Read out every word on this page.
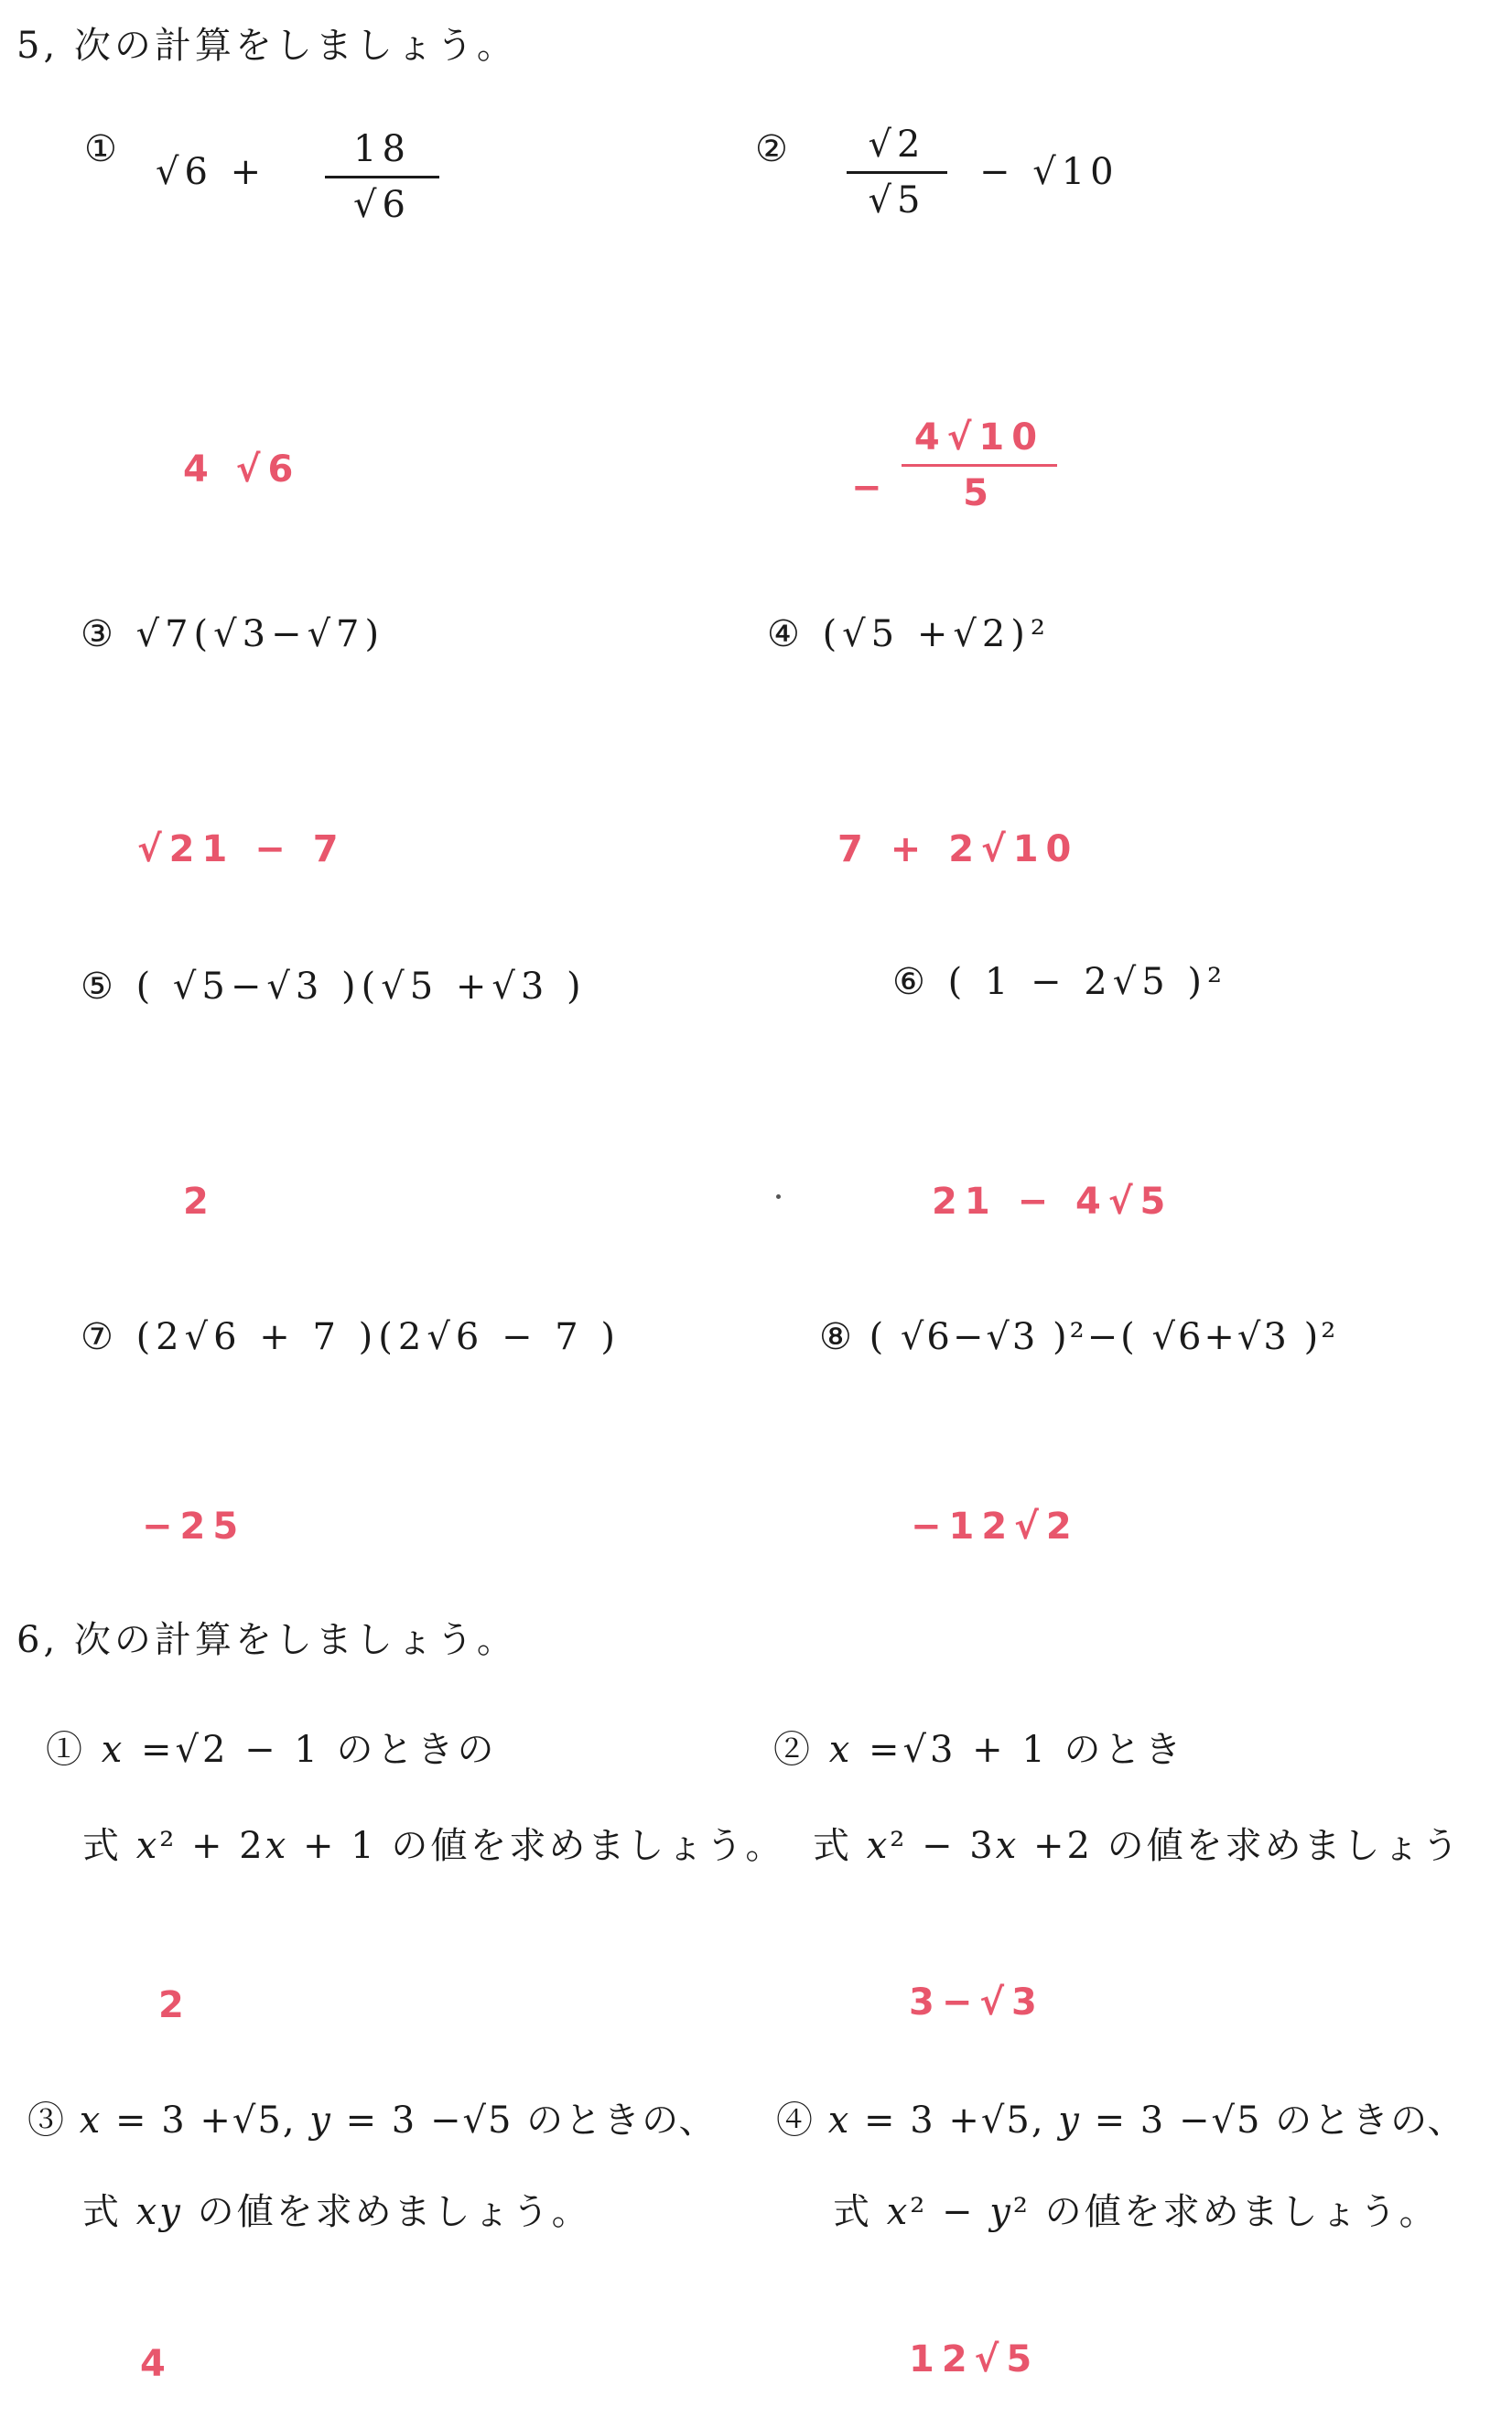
5, 次の計算をしましょう。
①
√6 +
18
√6
②	√2
√5
− √10
4 √6	−
4√10
5
③ √7(√3−√7)	④ (√5 +√2)²
√21 − 7	7 + 2√10
⑤ ( √5−√3 )(√5 +√3 )	⑥ ( 1 − 2√5 )²
2	21 − 4√5
⑦ (2√6 + 7 )(2√6 − 7 )	⑧ ( √6−√3 )²−( √6+√3 )²
−25	−12√2
6, 次の計算をしましょう。
① 𝑥 =√2 − 1 のときの
式 𝑥² + 2𝑥 + 1 の値を求めましょう。
② 𝑥 =√3 + 1 のとき
式 𝑥² − 3𝑥 +2 の値を求めましょう
2	3−√3
③ 𝑥 = 3 +√5, 𝑦 = 3 −√5 のときの、
式 𝑥𝑦 の値を求めましょう。
④ 𝑥 = 3 +√5, 𝑦 = 3 −√5 のときの、
式 𝑥² − 𝑦² の値を求めましょう。
4	12√5
